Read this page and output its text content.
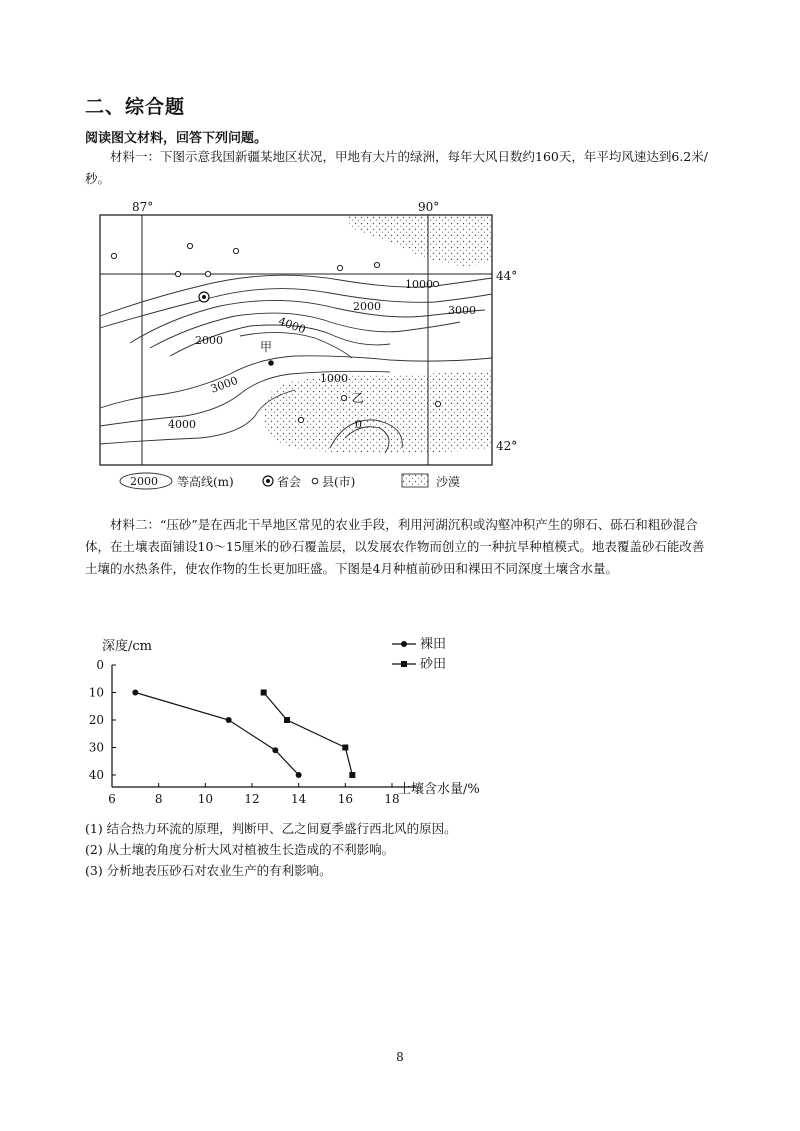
二、综合题
阅读图文材料，回答下列问题。
材料一：下图示意我国新疆某地区状况，甲地有大片的绿洲，每年大风日数约160天，年平均风速达到6.2米/秒。
1000
2000	3000
4000
2000
3000	1000
4000	0
87°	90°
44°
42°
甲
乙
2000 等高线(m)	省会 县(市)	沙漠
材料二：“压砂”是在西北干旱地区常见的农业手段，利用河湖沉积或沟壑冲积产生的卵石、砾石和粗砂混合体，在土壤表面铺设10～15厘米的砂石覆盖层，以发展农作物而创立的一种抗旱种植模式。地表覆盖砂石能改善土壤的水热条件，使农作物的生长更加旺盛。下图是4月种植前砂田和裸田不同深度土壤含水量。
深度/cm
土壤含水量/%
6	8	10	12	14	16	18
0
10
20
30
40
裸田
砂田
(1) 结合热力环流的原理，判断甲、乙之间夏季盛行西北风的原因。
(2) 从土壤的角度分析大风对植被生长造成的不利影响。
(3) 分析地表压砂石对农业生产的有利影响。
8
